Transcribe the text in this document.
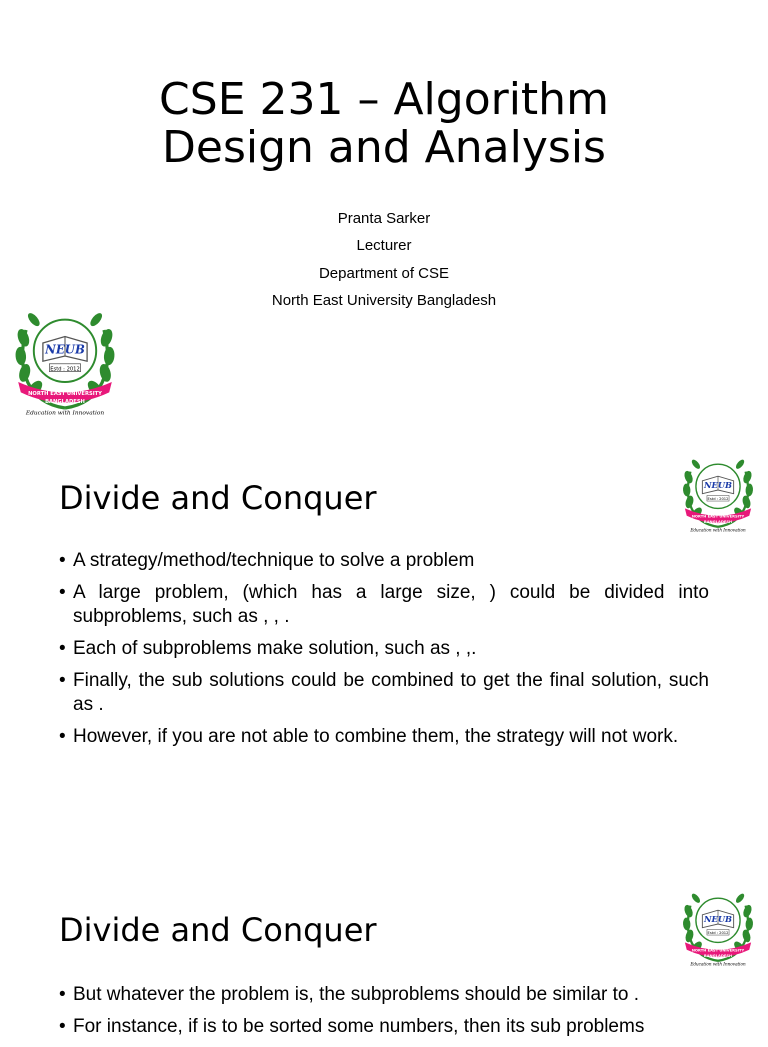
CSE 231 – Algorithm
Design and Analysis
Pranta Sarker
Lecturer
Department of CSE
North East University Bangladesh
NEUB
Estd : 2012
NORTH EAST UNIVERSITY
BANGLADESH
Education with Innovation
Divide and Conquer	NEUB
Estd : 2012
NORTH EAST UNIVERSITY
BANGLADESH
Education with Innovation
• A strategy/method/technique to solve a problem
• A large problem, (which has a large size, ) could be divided into subproblems, such as , , .
• Each of subproblems make solution, such as , ,.
• Finally, the sub solutions could be combined to get the final solution, such as .
• However, if you are not able to combine them, the strategy will not work.
Divide and Conquer	NEUB
Estd : 2012
NORTH EAST UNIVERSITY
BANGLADESH
Education with Innovation
• But whatever the problem is, the subproblems should be similar to .
• For instance, if is to be sorted some numbers, then its sub problems
